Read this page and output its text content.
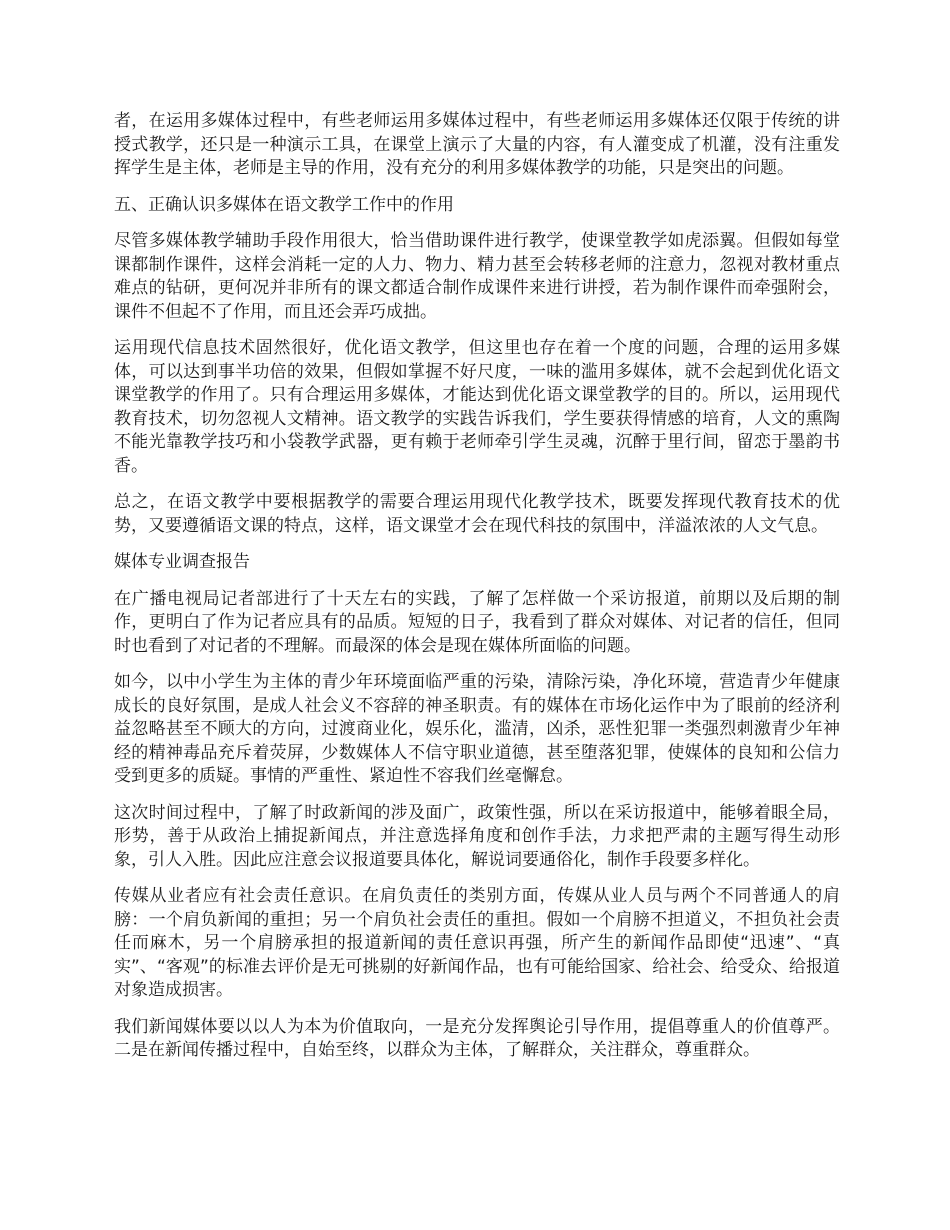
者，在运用多媒体过程中，有些老师运用多媒体过程中，有些老师运用多媒体还仅限于传统的讲授式教学，还只是一种演示工具，在课堂上演示了大量的内容，有人灌变成了机灌，没有注重发挥学生是主体，老师是主导的作用，没有充分的利用多媒体教学的功能，只是突出的问题。

五、正确认识多媒体在语文教学工作中的作用

尽管多媒体教学辅助手段作用很大，恰当借助课件进行教学，使课堂教学如虎添翼。但假如每堂课都制作课件，这样会消耗一定的人力、物力、精力甚至会转移老师的注意力，忽视对教材重点难点的钻研，更何况并非所有的课文都适合制作成课件来进行讲授，若为制作课件而牵强附会，课件不但起不了作用，而且还会弄巧成拙。

运用现代信息技术固然很好，优化语文教学，但这里也存在着一个度的问题，合理的运用多媒体，可以达到事半功倍的效果，但假如掌握不好尺度，一味的滥用多媒体，就不会起到优化语文课堂教学的作用了。只有合理运用多媒体，才能达到优化语文课堂教学的目的。所以，运用现代教育技术，切勿忽视人文精神。语文教学的实践告诉我们，学生要获得情感的培育，人文的熏陶不能光靠教学技巧和小袋教学武器，更有赖于老师牵引学生灵魂，沉醉于里行间，留恋于墨韵书香。

总之，在语文教学中要根据教学的需要合理运用现代化教学技术，既要发挥现代教育技术的优势，又要遵循语文课的特点，这样，语文课堂才会在现代科技的氛围中，洋溢浓浓的人文气息。

媒体专业调查报告

在广播电视局记者部进行了十天左右的实践，了解了怎样做一个采访报道，前期以及后期的制作，更明白了作为记者应具有的品质。短短的日子，我看到了群众对媒体、对记者的信任，但同时也看到了对记者的不理解。而最深的体会是现在媒体所面临的问题。

如今，以中小学生为主体的青少年环境面临严重的污染，清除污染，净化环境，营造青少年健康成长的良好氛围，是成人社会义不容辞的神圣职责。有的媒体在市场化运作中为了眼前的经济利益忽略甚至不顾大的方向，过渡商业化，娱乐化，滥清，凶杀，恶性犯罪一类强烈刺激青少年神经的精神毒品充斥着荧屏，少数媒体人不信守职业道德，甚至堕落犯罪，使媒体的良知和公信力受到更多的质疑。事情的严重性、紧迫性不容我们丝毫懈怠。

这次时间过程中，了解了时政新闻的涉及面广，政策性强，所以在采访报道中，能够着眼全局，形势，善于从政治上捕捉新闻点，并注意选择角度和创作手法，力求把严肃的主题写得生动形象，引人入胜。因此应注意会议报道要具体化，解说词要通俗化，制作手段要多样化。

传媒从业者应有社会责任意识。在肩负责任的类别方面，传媒从业人员与两个不同普通人的肩膀：一个肩负新闻的重担；另一个肩负社会责任的重担。假如一个肩膀不担道义，不担负社会责任而麻木，另一个肩膀承担的报道新闻的责任意识再强，所产生的新闻作品即使“迅速”、“真实”、“客观”的标准去评价是无可挑剔的好新闻作品，也有可能给国家、给社会、给受众、给报道对象造成损害。

我们新闻媒体要以以人为本为价值取向，一是充分发挥舆论引导作用，提倡尊重人的价值尊严。二是在新闻传播过程中，自始至终，以群众为主体，了解群众，关注群众，尊重群众。
